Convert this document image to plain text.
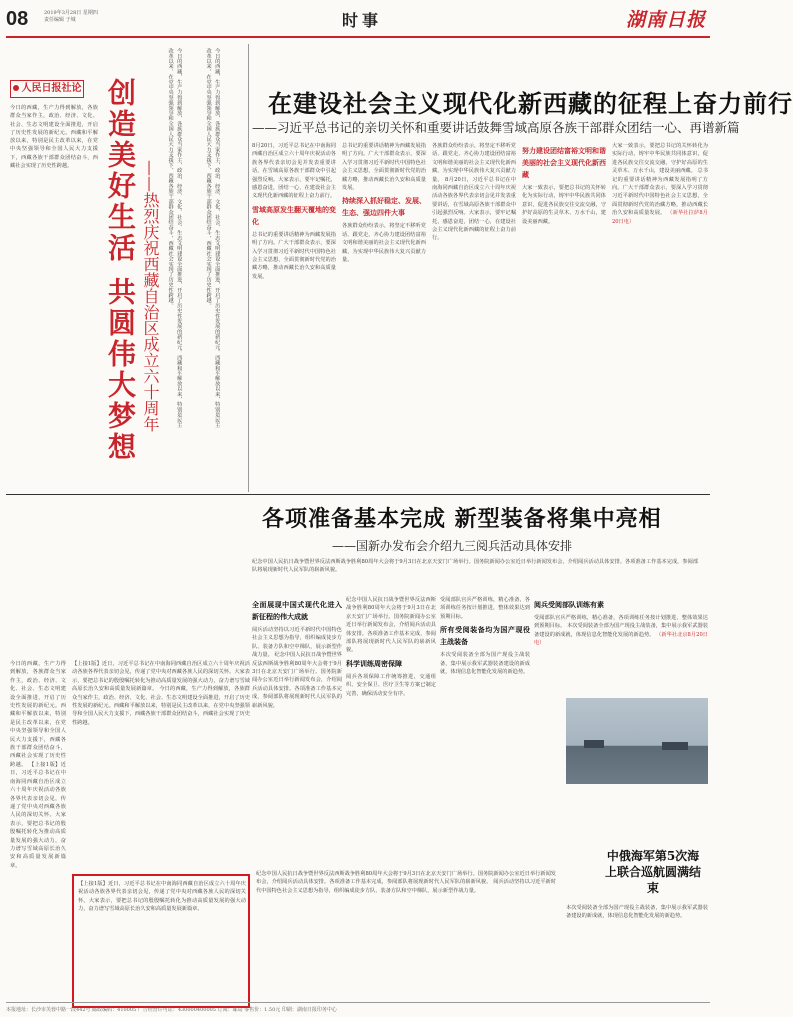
08	2019年3月28日 星期四 责任编辑 于城	时事	湖南日报
人民日报社论
今日的西藏，生产力得到解放，各族群众当家作主，政治、经济、文化、社会、生态文明建设全面推进，开启了历史性发展的新纪元。西藏和平解放以来，特别是民主改革以来，在党中央坚强领导和全国人民大力支援下，西藏各族干部群众团结奋斗，西藏社会实现了历史性跨越。	创造美好生活 共圆伟大梦想 ——热烈庆祝西藏自治区成立六十周年	今日的西藏，生产力得到解放，各族群众当家作主，政治、经济、文化、社会、生态文明建设全面推进，开启了历史性发展的新纪元。西藏和平解放以来，特别是民主改革以来，在党中央坚强领导和全国人民大力支援下，西藏各族干部群众团结奋斗，西藏社会实现了历史性跨越。	今日的西藏，生产力得到解放，各族群众当家作主，政治、经济、文化、社会、生态文明建设全面推进，开启了历史性发展的新纪元。西藏和平解放以来，特别是民主改革以来，在党中央坚强领导和全国人民大力支援下，西藏各族干部群众团结奋斗，西藏社会实现了历史性跨越。	在建设社会主义现代化新西藏的征程上奋力前行
——习近平总书记的亲切关怀和重要讲话鼓舞雪域高原各族干部群众团结一心、再谱新篇
8月20日，习近平总书记在中南海同西藏自治区成立六十周年庆祝活动各族各界代表亲切会见并发表重要讲话，在雪域高原各族干部群众中引起强烈反响。大家表示，要牢记嘱托，感恩奋进，团结一心，在建设社会主义现代化新西藏的征程上奋力前行。
雪域高原发生翻天覆地的变化
总书记的重要讲话精神为西藏发展指明了方向。广大干部群众表示，要深入学习贯彻习近平新时代中国特色社会主义思想，全面贯彻新时代党的治藏方略，推动西藏长治久安和高质量发展。
总书记的重要讲话精神为西藏发展指明了方向。广大干部群众表示，要深入学习贯彻习近平新时代中国特色社会主义思想，全面贯彻新时代党的治藏方略，推动西藏长治久安和高质量发展。
持续深入抓好稳定、发展、生态、强边四件大事
各族群众纷纷表示，将坚定不移听党话、跟党走，齐心协力建设团结富裕文明和谐美丽的社会主义现代化新西藏，为实现中华民族伟大复兴贡献力量。
各族群众纷纷表示，将坚定不移听党话、跟党走，齐心协力建设团结富裕文明和谐美丽的社会主义现代化新西藏，为实现中华民族伟大复兴贡献力量。 8月20日，习近平总书记在中南海同西藏自治区成立六十周年庆祝活动各族各界代表亲切会见并发表重要讲话，在雪域高原各族干部群众中引起强烈反响。大家表示，要牢记嘱托，感恩奋进，团结一心，在建设社会主义现代化新西藏的征程上奋力前行。
努力建设团结富裕文明和谐美丽的社会主义现代化新西藏
大家一致表示，要把总书记的关怀转化为实际行动，铸牢中华民族共同体意识，促进各民族交往交流交融，守护好高原的生灵草木、万水千山，建设美丽西藏。
大家一致表示，要把总书记的关怀转化为实际行动，铸牢中华民族共同体意识，促进各民族交往交流交融，守护好高原的生灵草木、万水千山，建设美丽西藏。 总书记的重要讲话精神为西藏发展指明了方向。广大干部群众表示，要深入学习贯彻习近平新时代中国特色社会主义思想，全面贯彻新时代党的治藏方略，推动西藏长治久安和高质量发展。 （新华社拉萨8月20日电）
各项准备基本完成 新型装备将集中亮相
——国新办发布会介绍九三阅兵活动具体安排
纪念中国人民抗日战争暨世界反法西斯战争胜利80周年大会将于9月3日在北京天安门广场举行。国务院新闻办公室近日举行新闻发布会，介绍阅兵活动具体安排。各项准备工作基本完成，参阅部队将展现新时代人民军队的崭新风貌。
全面展现中国式现代化进入新征程的伟大成就
阅兵活动坚持以习近平新时代中国特色社会主义思想为指导，组织编成徒步方队、装备方队和空中梯队，展示新型作战力量。 纪念中国人民抗日战争暨世界反法西斯战争胜利80周年大会将于9月3日在北京天安门广场举行。国务院新闻办公室近日举行新闻发布会，介绍阅兵活动具体安排。各项准备工作基本完成，参阅部队将展现新时代人民军队的崭新风貌。
纪念中国人民抗日战争暨世界反法西斯战争胜利80周年大会将于9月3日在北京天安门广场举行。国务院新闻办公室近日举行新闻发布会，介绍阅兵活动具体安排。各项准备工作基本完成，参阅部队将展现新时代人民军队的崭新风貌。
科学训练周密保障
阅兵各项保障工作统筹推进，交通组织、安全保卫、医疗卫生等方案已制定完善，确保活动安全有序。
受阅部队官兵严格训练，精心准备，各项训练任务按计划推进，整体效果达到预期目标。
所有受阅装备均为国产现役主战装备
本次受阅装备全部为国产现役主战装备，集中展示我军武器装备建设的新成就，体现信息化智能化发展的新趋势。
阅兵受阅部队训练有素
受阅部队官兵严格训练，精心准备，各项训练任务按计划推进，整体效果达到预期目标。 本次受阅装备全部为国产现役主战装备，集中展示我军武器装备建设的新成就，体现信息化智能化发展的新趋势。 （新华社北京8月20日电）
中俄海军第5次海上联合巡航圆满结束
本次受阅装备全部为国产现役主战装备，集中展示我军武器装备建设的新成就，体现信息化智能化发展的新趋势。
今日的西藏，生产力得到解放，各族群众当家作主，政治、经济、文化、社会、生态文明建设全面推进，开启了历史性发展的新纪元。西藏和平解放以来，特别是民主改革以来，在党中央坚强领导和全国人民大力支援下，西藏各族干部群众团结奋斗，西藏社会实现了历史性跨越。 【上接1版】近日，习近平总书记在中南海同西藏自治区成立六十周年庆祝活动各族各界代表亲切会见，传递了党中央对西藏各族人民的深切关怀。大家表示，要把总书记的殷殷嘱托转化为推动高质量发展的强大动力，奋力谱写雪域高原长治久安和高质量发展新篇章。
【上接1版】近日，习近平总书记在中南海同西藏自治区成立六十周年庆祝活动各族各界代表亲切会见，传递了党中央对西藏各族人民的深切关怀。大家表示，要把总书记的殷殷嘱托转化为推动高质量发展的强大动力，奋力谱写雪域高原长治久安和高质量发展新篇章。 今日的西藏，生产力得到解放，各族群众当家作主，政治、经济、文化、社会、生态文明建设全面推进，开启了历史性发展的新纪元。西藏和平解放以来，特别是民主改革以来，在党中央坚强领导和全国人民大力支援下，西藏各族干部群众团结奋斗，西藏社会实现了历史性跨越。
【上接1版】近日，习近平总书记在中南海同西藏自治区成立六十周年庆祝活动各族各界代表亲切会见，传递了党中央对西藏各族人民的深切关怀。大家表示，要把总书记的殷殷嘱托转化为推动高质量发展的强大动力，奋力谱写雪域高原长治久安和高质量发展新篇章。
纪念中国人民抗日战争暨世界反法西斯战争胜利80周年大会将于9月3日在北京天安门广场举行。国务院新闻办公室近日举行新闻发布会，介绍阅兵活动具体安排。各项准备工作基本完成，参阅部队将展现新时代人民军队的崭新风貌。 阅兵活动坚持以习近平新时代中国特色社会主义思想为指导，组织编成徒步方队、装备方队和空中梯队，展示新型作战力量。
本报地址：长沙市芙蓉中路一段442号 邮政编码：410005 广告经营许可证：430000400005 订阅：邮局 零售价：1.50元 印刷：湖南日报印务中心
